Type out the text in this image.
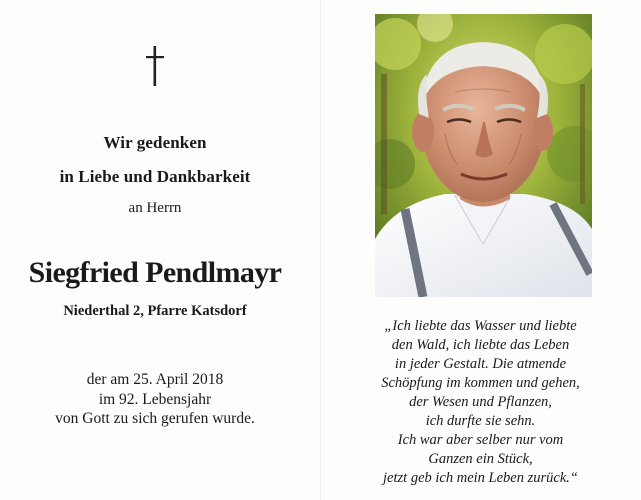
Wir gedenken
in Liebe und Dankbarkeit
an Herrn
Siegfried Pendlmayr
Niederthal 2, Pfarre Katsdorf
der am 25. April 2018
im 92. Lebensjahr
von Gott zu sich gerufen wurde.
„Ich liebte das Wasser und liebte
den Wald, ich liebte das Leben
in jeder Gestalt. Die atmende
Schöpfung im kommen und gehen,
der Wesen und Pflanzen,
ich durfte sie sehn.
Ich war aber selber nur vom
Ganzen ein Stück,
jetzt geb ich mein Leben zurück.“
